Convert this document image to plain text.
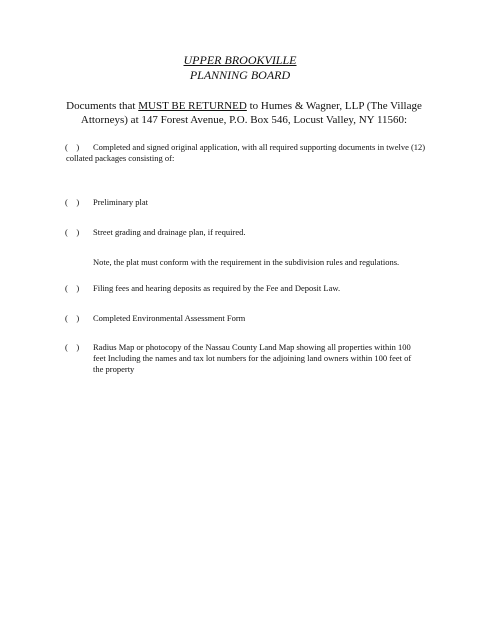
UPPER BROOKVILLE
PLANNING BOARD
Documents that MUST BE RETURNED to Humes & Wagner, LLP (The Village Attorneys) at 147 Forest Avenue, P.O. Box 546, Locust Valley, NY 11560:
(    )	Completed and signed original application, with all required supporting documents in twelve (12) collated packages consisting of:
(    ) Preliminary plat
(    ) Street grading and drainage plan, if required.
Note, the plat must conform with the requirement in the subdivision rules and regulations.
(    ) Filing fees and hearing deposits as required by the Fee and Deposit Law.
(    ) Completed Environmental Assessment Form
(    ) Radius Map or photocopy of the Nassau County Land Map showing all properties within 100 feet Including the names and tax lot numbers for the adjoining land owners within 100 feet of the property
